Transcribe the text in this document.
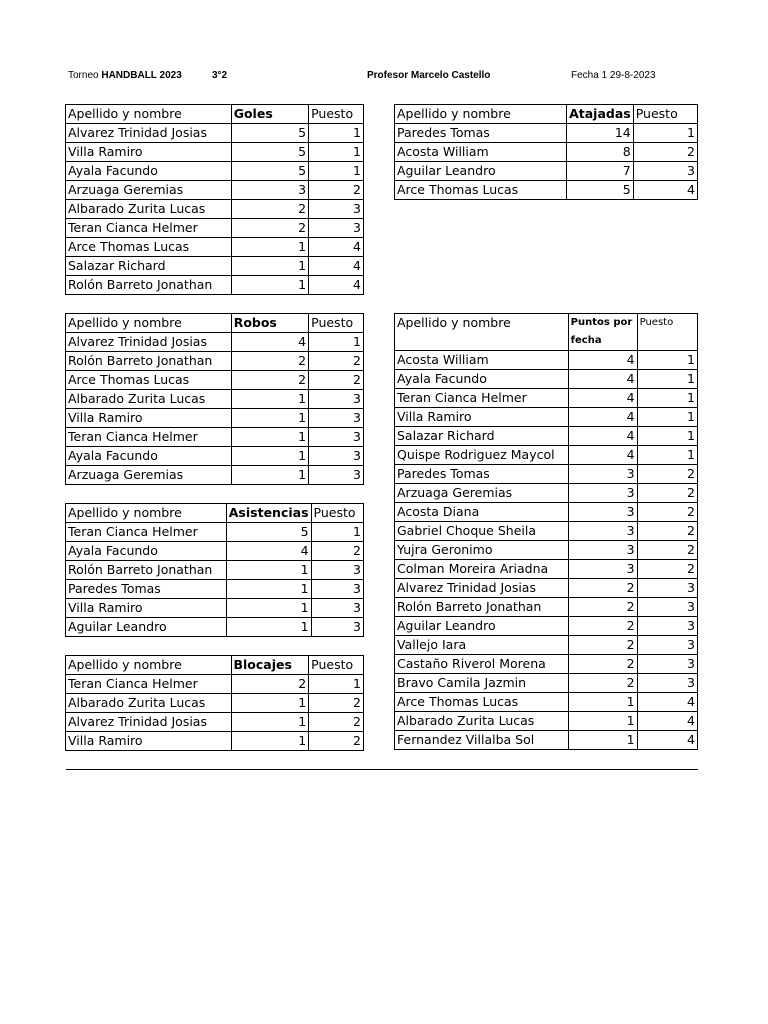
Torneo HANDBALL 2023	3°2	Profesor Marcelo Castello	Fecha 1 29-8-2023
Apellido y nombre	Goles	Puesto
Alvarez Trinidad Josias	5	1
Villa Ramiro	5	1
Ayala Facundo	5	1
Arzuaga Geremias	3	2
Albarado Zurita Lucas	2	3
Teran Cianca Helmer	2	3
Arce Thomas Lucas	1	4
Salazar Richard	1	4
Rolón Barreto Jonathan	1	4
Apellido y nombre	Atajadas	Puesto
Paredes Tomas	14	1
Acosta William	8	2
Aguilar Leandro	7	3
Arce Thomas Lucas	5	4
Apellido y nombre	Robos	Puesto
Alvarez Trinidad Josias	4	1
Rolón Barreto Jonathan	2	2
Arce Thomas Lucas	2	2
Albarado Zurita Lucas	1	3
Villa Ramiro	1	3
Teran Cianca Helmer	1	3
Ayala Facundo	1	3
Arzuaga Geremias	1	3
Apellido y nombre	Asistencias	Puesto
Teran Cianca Helmer	5	1
Ayala Facundo	4	2
Rolón Barreto Jonathan	1	3
Paredes Tomas	1	3
Villa Ramiro	1	3
Aguilar Leandro	1	3
Apellido y nombre	Blocajes	Puesto
Teran Cianca Helmer	2	1
Albarado Zurita Lucas	1	2
Alvarez Trinidad Josias	1	2
Villa Ramiro	1	2
Apellido y nombre	Puntos por	Puesto
	fecha	
Acosta William	4	1
Ayala Facundo	4	1
Teran Cianca Helmer	4	1
Villa Ramiro	4	1
Salazar Richard	4	1
Quispe Rodriguez Maycol	4	1
Paredes Tomas	3	2
Arzuaga Geremias	3	2
Acosta Diana	3	2
Gabriel Choque Sheila	3	2
Yujra Geronimo	3	2
Colman Moreira Ariadna	3	2
Alvarez Trinidad Josias	2	3
Rolón Barreto Jonathan	2	3
Aguilar Leandro	2	3
Vallejo Iara	2	3
Castaño Riverol Morena	2	3
Bravo Camila Jazmin	2	3
Arce Thomas Lucas	1	4
Albarado Zurita Lucas	1	4
Fernandez Villalba Sol	1	4
